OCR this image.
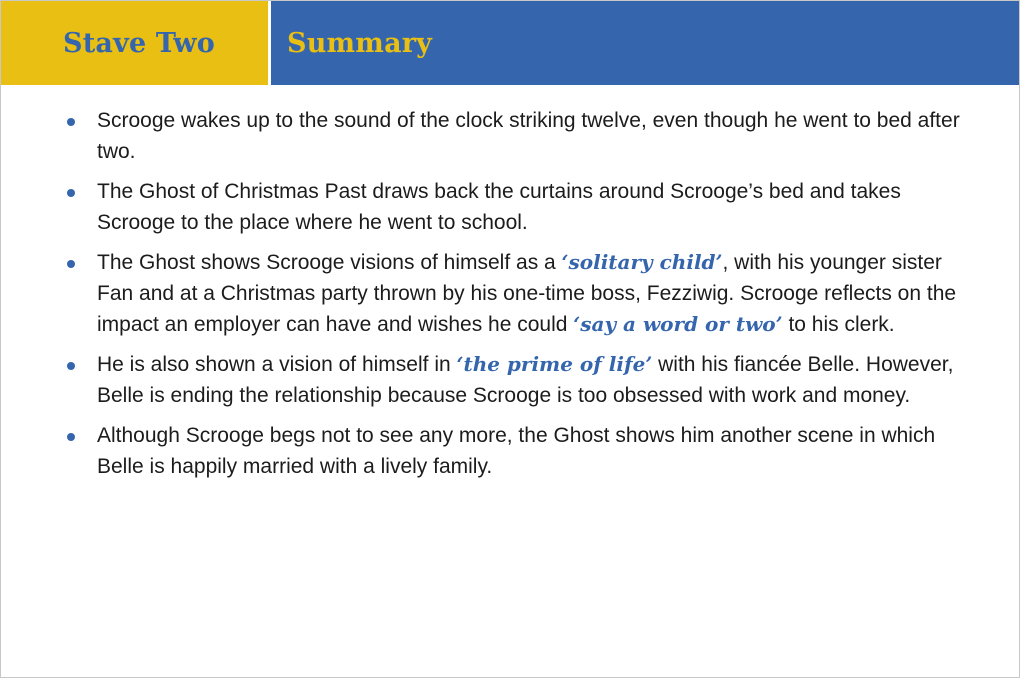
Stave Two	Summary
Scrooge wakes up to the sound of the clock striking twelve, even though he went to bed after two.
The Ghost of Christmas Past draws back the curtains around Scrooge’s bed and takes Scrooge to the place where he went to school.
The Ghost shows Scrooge visions of himself as a ‘solitary child’, with his younger sister Fan and at a Christmas party thrown by his one-time boss, Fezziwig. Scrooge reflects on the impact an employer can have and wishes he could ‘say a word or two’ to his clerk.
He is also shown a vision of himself in ‘the prime of life’ with his fiancée Belle. However, Belle is ending the relationship because Scrooge is too obsessed with work and money.
Although Scrooge begs not to see any more, the Ghost shows him another scene in which Belle is happily married with a lively family.
